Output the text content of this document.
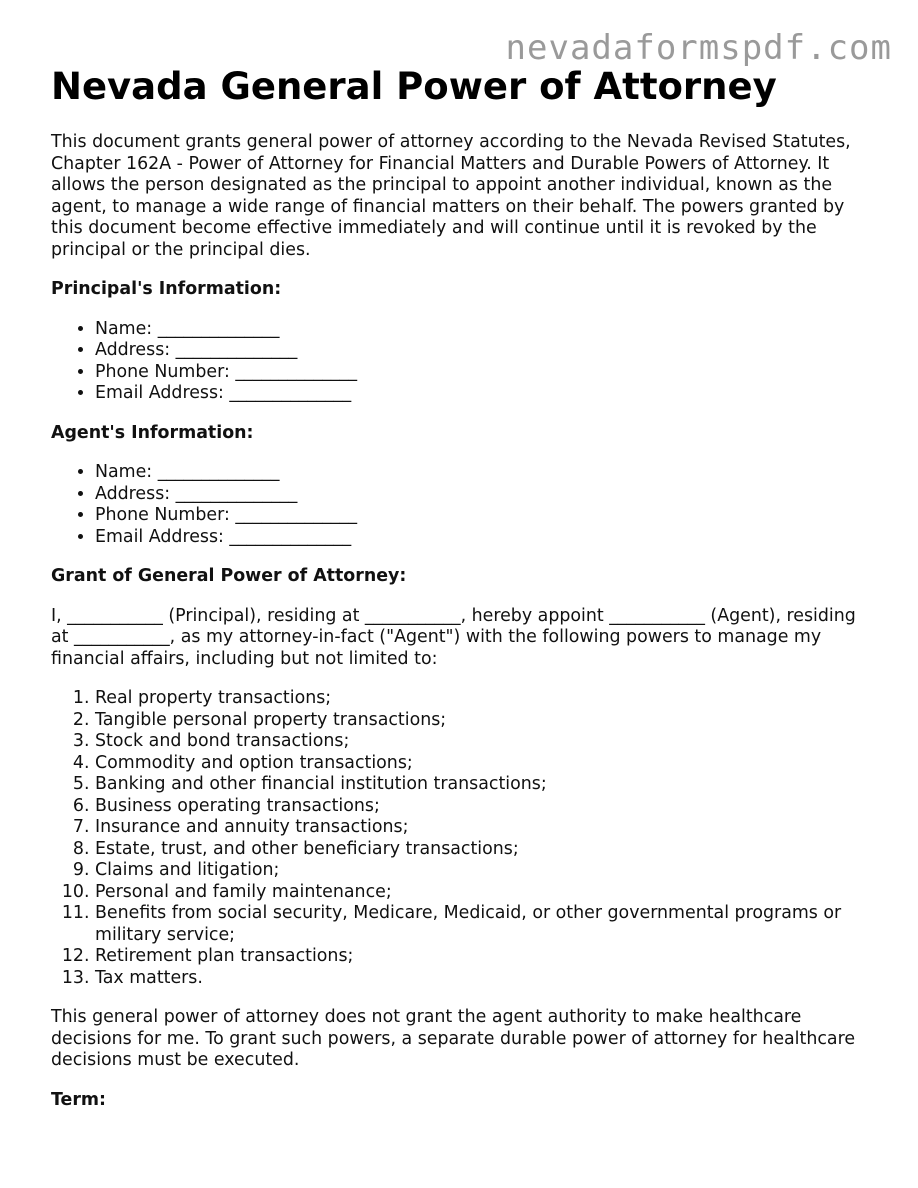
nevadaformspdf.com
Nevada General Power of Attorney

This document grants general power of attorney according to the Nevada Revised Statutes, Chapter 162A - Power of Attorney for Financial Matters and Durable Powers of Attorney. It allows the person designated as the principal to appoint another individual, known as the agent, to manage a wide range of financial matters on their behalf. The powers granted by this document become effective immediately and will continue until it is revoked by the principal or the principal dies.

Principal's Information:

• Name: ______________
• Address: ______________
• Phone Number: ______________
• Email Address: ______________

Agent's Information:

• Name: ______________
• Address: ______________
• Phone Number: ______________
• Email Address: ______________

Grant of General Power of Attorney:

I, ___________ (Principal), residing at ___________, hereby appoint ___________ (Agent), residing at ___________, as my attorney-in-fact ("Agent") with the following powers to manage my financial affairs, including but not limited to:

1. Real property transactions;
2. Tangible personal property transactions;
3. Stock and bond transactions;
4. Commodity and option transactions;
5. Banking and other financial institution transactions;
6. Business operating transactions;
7. Insurance and annuity transactions;
8. Estate, trust, and other beneficiary transactions;
9. Claims and litigation;
10. Personal and family maintenance;
11. Benefits from social security, Medicare, Medicaid, or other governmental programs or military service;
12. Retirement plan transactions;
13. Tax matters.

This general power of attorney does not grant the agent authority to make healthcare decisions for me. To grant such powers, a separate durable power of attorney for healthcare decisions must be executed.

Term:
